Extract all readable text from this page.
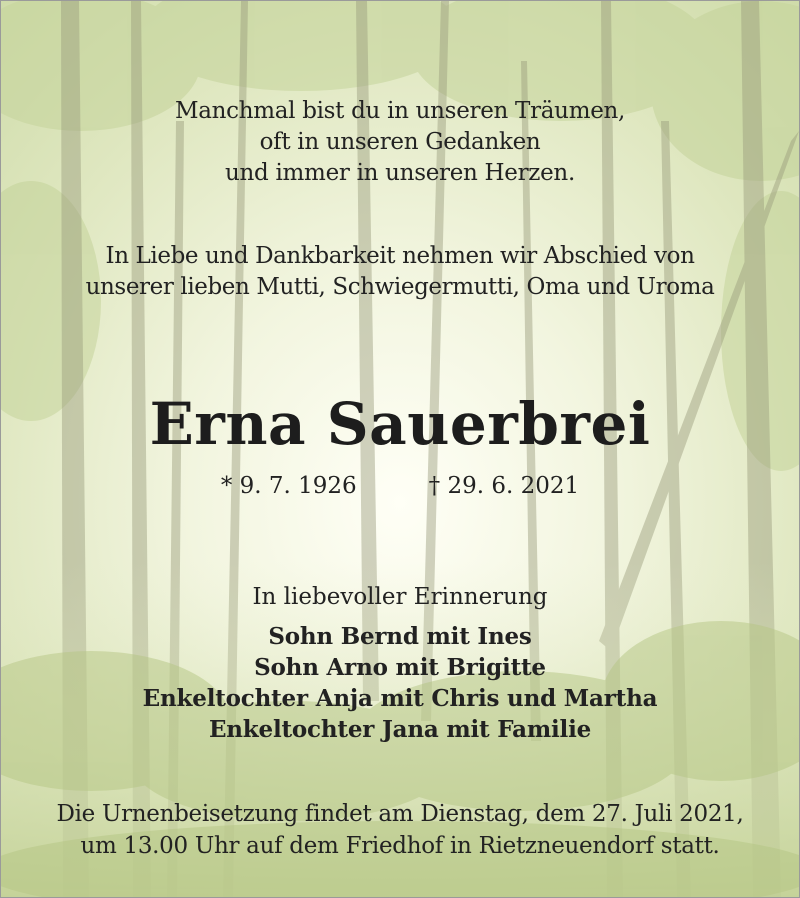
Manchmal bist du in unseren Träumen,
oft in unseren Gedanken
und immer in unseren Herzen.
In Liebe und Dankbarkeit nehmen wir Abschied von
unserer lieben Mutti, Schwiegermutti, Oma und Uroma
Erna Sauerbrei
* 9. 7. 1926	† 29. 6. 2021
In liebevoller Erinnerung
Sohn Bernd mit Ines
Sohn Arno mit Brigitte
Enkeltochter Anja mit Chris und Martha
Enkeltochter Jana mit Familie
Die Urnenbeisetzung findet am Dienstag, dem 27. Juli 2021,
um 13.00 Uhr auf dem Friedhof in Rietzneuendorf statt.
